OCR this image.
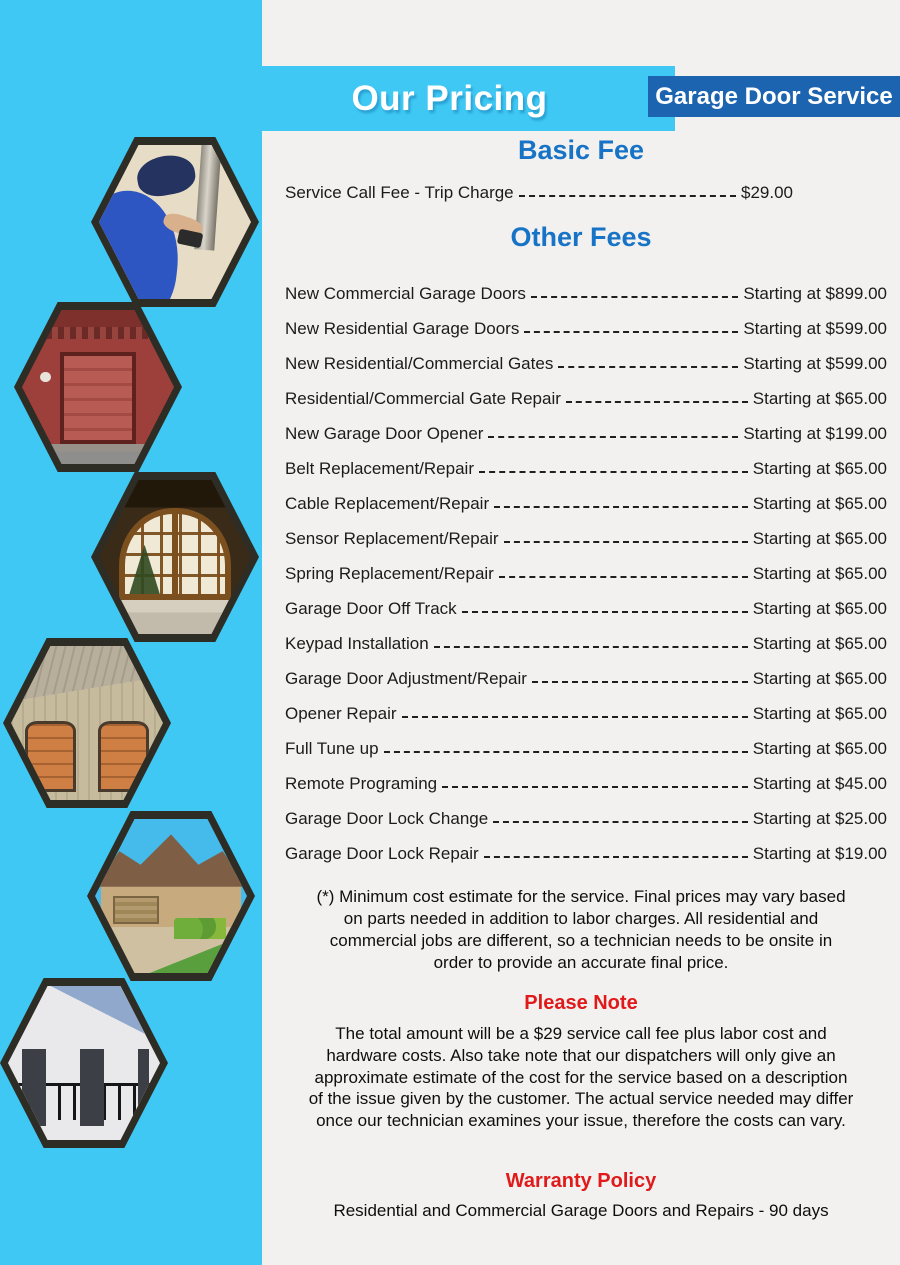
Our Pricing	Garage Door Service
Basic Fee
Service Call Fee - Trip Charge	$29.00
Other Fees
New Commercial Garage Doors	Starting at $899.00
New Residential Garage Doors	Starting at $599.00
New Residential/Commercial Gates	Starting at $599.00
Residential/Commercial Gate Repair	Starting at $65.00
New Garage Door Opener	Starting at $199.00
Belt Replacement/Repair	Starting at $65.00
Cable Replacement/Repair	Starting at $65.00
Sensor Replacement/Repair	Starting at $65.00
Spring Replacement/Repair	Starting at $65.00
Garage Door Off Track	Starting at $65.00
Keypad Installation	Starting at $65.00
Garage Door Adjustment/Repair	Starting at $65.00
Opener Repair	Starting at $65.00
Full Tune up	Starting at $65.00
Remote Programing	Starting at $45.00
Garage Door Lock Change	Starting at $25.00
Garage Door Lock Repair	Starting at $19.00

(*) Minimum cost estimate for the service. Final prices may vary based on parts needed in addition to labor charges. All residential and commercial jobs are different, so a technician needs to be onsite in order to provide an accurate final price.

Please Note

The total amount will be a $29 service call fee plus labor cost and hardware costs. Also take note that our dispatchers will only give an approximate estimate of the cost for the service based on a description of the issue given by the customer. The actual service needed may differ once our technician examines your issue, therefore the costs can vary.

Warranty Policy

Residential and Commercial Garage Doors and Repairs - 90 days
